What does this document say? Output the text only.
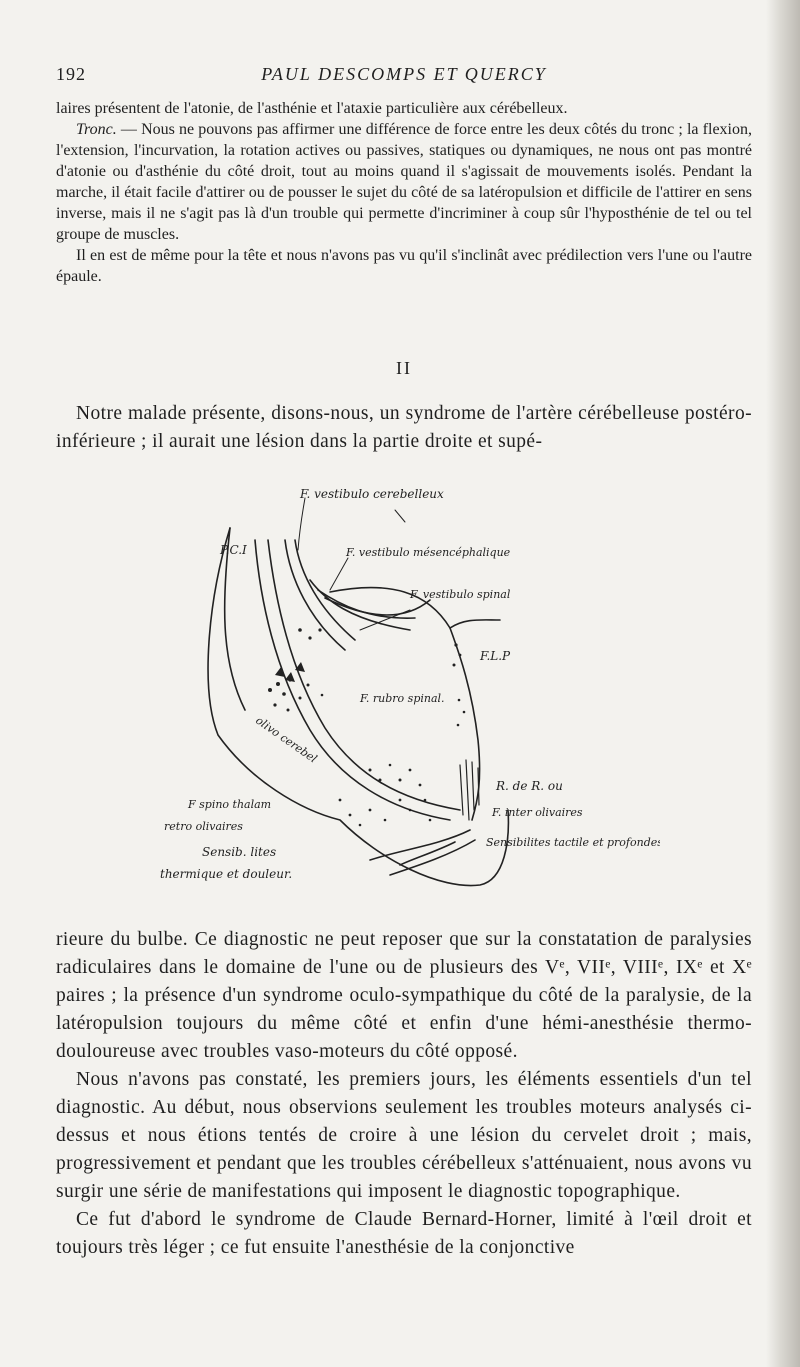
192	PAUL DESCOMPS ET QUERCY

laires présentent de l'atonie, de l'asthénie et l'ataxie particulière aux cérébelleux.

Tronc. — Nous ne pouvons pas affirmer une différence de force entre les deux côtés du tronc ; la flexion, l'extension, l'incurvation, la rotation actives ou passives, statiques ou dynamiques, ne nous ont pas montré d'atonie ou d'asthénie du côté droit, tout au moins quand il s'agissait de mouvements isolés. Pendant la marche, il était facile d'attirer ou de pousser le sujet du côté de sa latéropulsion et difficile de l'attirer en sens inverse, mais il ne s'agit pas là d'un trouble qui permette d'incriminer à coup sûr l'hyposthénie de tel ou tel groupe de muscles.

Il en est de même pour la tête et nous n'avons pas vu qu'il s'inclinât avec prédilection vers l'une ou l'autre épaule.

II

Notre malade présente, disons-nous, un syndrome de l'artère cérébelleuse postéro-inférieure ; il aurait une lésion dans la partie droite et supé-

F. vestibulo cerebelleux
P.C.I	F. vestibulo mésencéphalique
F. vestibulo spinal
F.L.P
F. rubro spinal.
olivo cerebel
R. de R. ou
F. inter olivaires
Sensibilites tactile et profondes
F spino thalam
retro olivaires
Sensib. lites
thermique et douleur.

rieure du bulbe. Ce diagnostic ne peut reposer que sur la constatation de paralysies radiculaires dans le domaine de l'une ou de plusieurs des Vᵉ, VIIᵉ, VIIIᵉ, IXᵉ et Xᵉ paires ; la présence d'un syndrome oculo-sympathique du côté de la paralysie, de la latéropulsion toujours du même côté et enfin d'une hémi-anesthésie thermo-douloureuse avec troubles vaso-moteurs du côté opposé.

Nous n'avons pas constaté, les premiers jours, les éléments essentiels d'un tel diagnostic. Au début, nous observions seulement les troubles moteurs analysés ci-dessus et nous étions tentés de croire à une lésion du cervelet droit ; mais, progressivement et pendant que les troubles cérébelleux s'atténuaient, nous avons vu surgir une série de manifestations qui imposent le diagnostic topographique.

Ce fut d'abord le syndrome de Claude Bernard-Horner, limité à l'œil droit et toujours très léger ; ce fut ensuite l'anesthésie de la conjonctive
